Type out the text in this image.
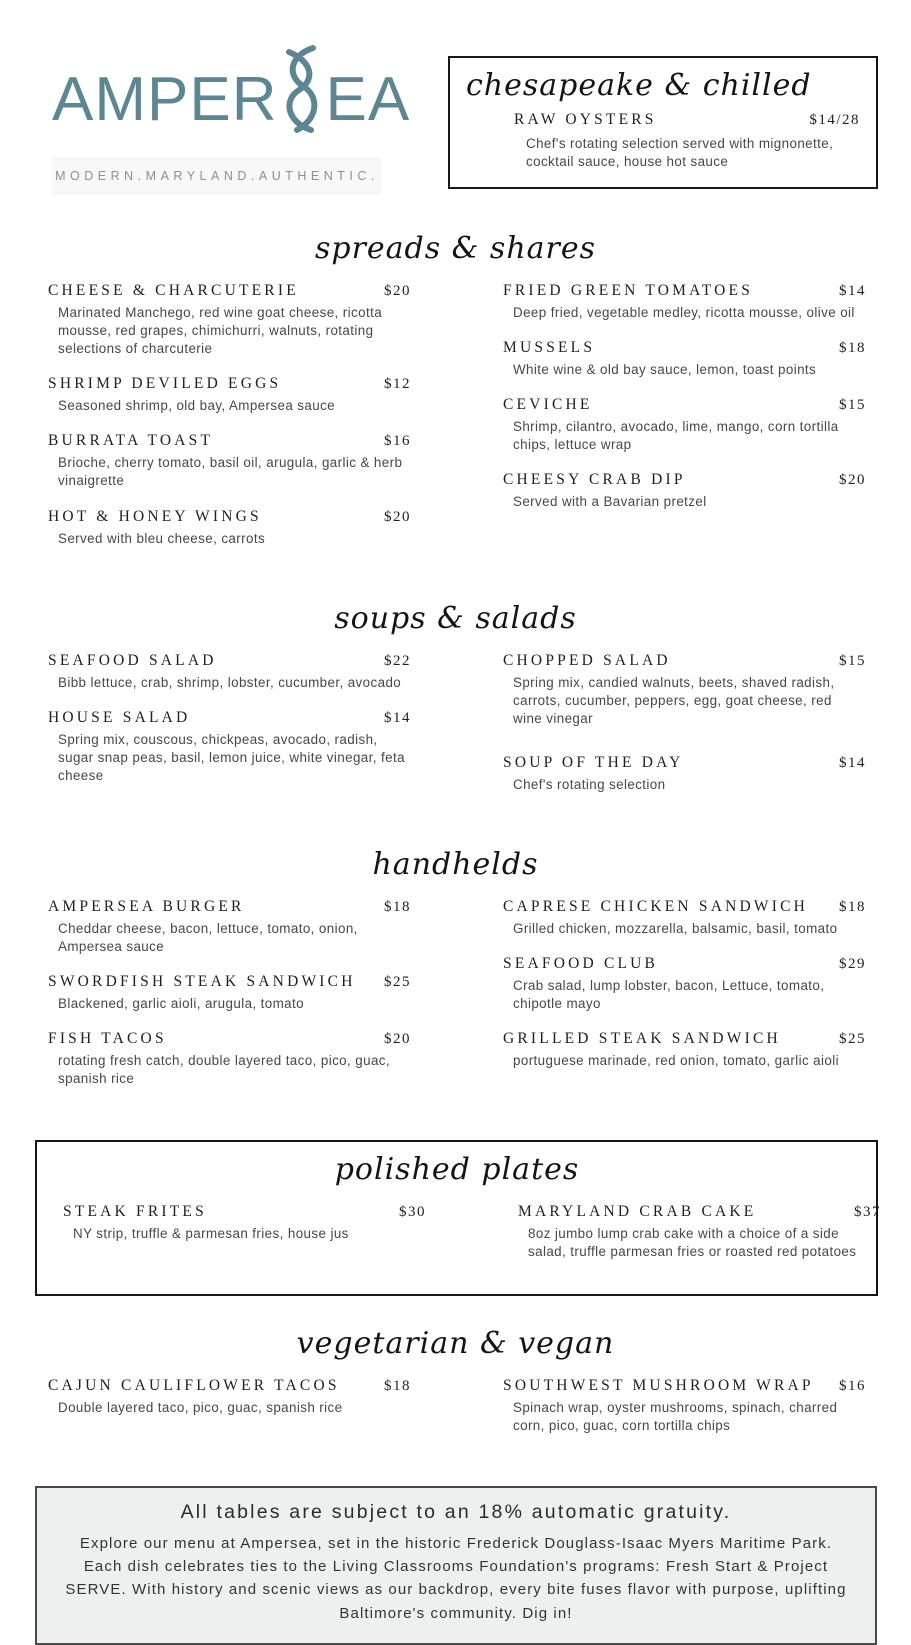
AMPER EA
MODERN.MARYLAND.AUTHENTIC.
chesapeake & chilled
RAW OYSTERS	$14/28

Chef's rotating selection served with mignonette, cocktail sauce, house hot sauce

spreads & shares
CHEESE & CHARCUTERIE	$20

Marinated Manchego, red wine goat cheese, ricotta mousse, red grapes, chimichurri, walnuts, rotating selections of charcuterie

SHRIMP DEVILED EGGS	$12

Seasoned shrimp, old bay, Ampersea sauce

BURRATA TOAST	$16

Brioche, cherry tomato, basil oil, arugula, garlic & herb vinaigrette

HOT & HONEY WINGS	$20

Served with bleu cheese, carrots

FRIED GREEN TOMATOES	$14

Deep fried, vegetable medley, ricotta mousse, olive oil

MUSSELS	$18

White wine & old bay sauce, lemon, toast points

CEVICHE	$15

Shrimp, cilantro, avocado, lime, mango, corn tortilla chips, lettuce wrap

CHEESY CRAB DIP	$20

Served with a Bavarian pretzel

soups & salads
SEAFOOD SALAD	$22

Bibb lettuce, crab, shrimp, lobster, cucumber, avocado

HOUSE SALAD	$14

Spring mix, couscous, chickpeas, avocado, radish, sugar snap peas, basil, lemon juice, white vinegar, feta cheese

CHOPPED SALAD	$15

Spring mix, candied walnuts, beets, shaved radish, carrots, cucumber, peppers, egg, goat cheese, red wine vinegar

SOUP OF THE DAY	$14

Chef's rotating selection

handhelds
AMPERSEA BURGER	$18

Cheddar cheese, bacon, lettuce, tomato, onion, Ampersea sauce

SWORDFISH STEAK SANDWICH	$25

Blackened, garlic aioli, arugula, tomato

FISH TACOS	$20

rotating fresh catch, double layered taco, pico, guac, spanish rice

CAPRESE CHICKEN SANDWICH	$18

Grilled chicken, mozzarella, balsamic, basil, tomato

SEAFOOD CLUB	$29

Crab salad, lump lobster, bacon, Lettuce, tomato, chipotle mayo

GRILLED STEAK SANDWICH	$25

portuguese marinade, red onion, tomato, garlic aioli

polished plates
STEAK FRITES	$30

NY strip, truffle & parmesan fries, house jus

MARYLAND CRAB CAKE	$37

8oz jumbo lump crab cake with a choice of a side salad, truffle parmesan fries or roasted red potatoes

vegetarian & vegan
CAJUN CAULIFLOWER TACOS	$18

Double layered taco, pico, guac, spanish rice

SOUTHWEST MUSHROOM WRAP	$16

Spinach wrap, oyster mushrooms, spinach, charred corn, pico, guac, corn tortilla chips

All tables are subject to an 18% automatic gratuity.
Explore our menu at Ampersea, set in the historic Frederick Douglass-Isaac Myers Maritime Park. Each dish celebrates ties to the Living Classrooms Foundation's programs: Fresh Start & Project SERVE. With history and scenic views as our backdrop, every bite fuses flavor with purpose, uplifting Baltimore's community. Dig in!
